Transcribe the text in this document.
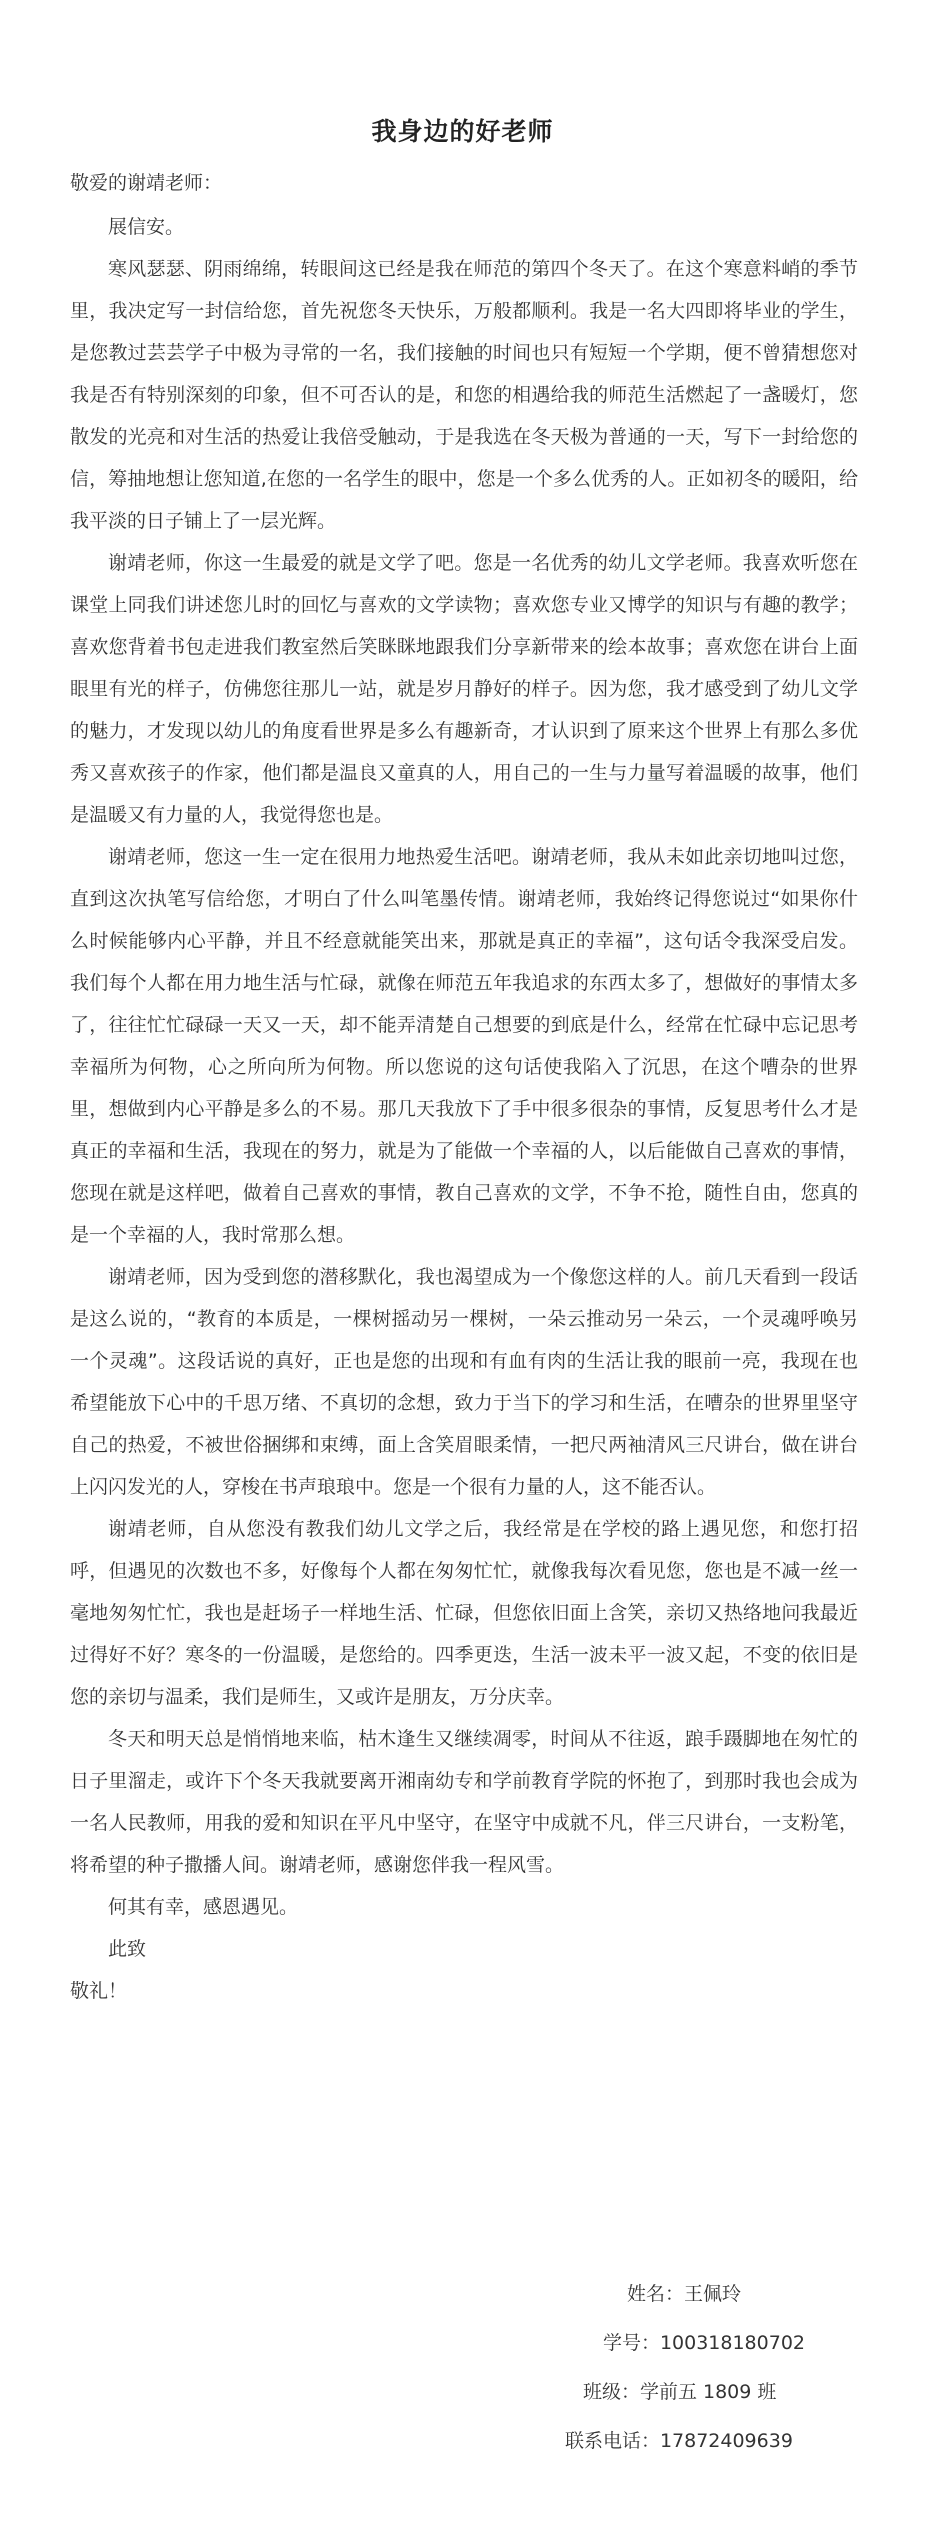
我身边的好老师
敬爱的谢靖老师：

展信安。

寒风瑟瑟、阴雨绵绵，转眼间这已经是我在师范的第四个冬天了。在这个寒意料峭的季节里，我决定写一封信给您，首先祝您冬天快乐，万般都顺利。我是一名大四即将毕业的学生，是您教过芸芸学子中极为寻常的一名，我们接触的时间也只有短短一个学期，便不曾猜想您对我是否有特别深刻的印象，但不可否认的是，和您的相遇给我的师范生活燃起了一盏暖灯，您散发的光亮和对生活的热爱让我倍受触动，于是我选在冬天极为普通的一天，写下一封给您的信，筹抽地想让您知道,在您的一名学生的眼中，您是一个多么优秀的人。正如初冬的暖阳，给我平淡的日子铺上了一层光辉。

谢靖老师，你这一生最爱的就是文学了吧。您是一名优秀的幼儿文学老师。我喜欢听您在课堂上同我们讲述您儿时的回忆与喜欢的文学读物；喜欢您专业又博学的知识与有趣的教学；喜欢您背着书包走进我们教室然后笑眯眯地跟我们分享新带来的绘本故事；喜欢您在讲台上面眼里有光的样子，仿佛您往那儿一站，就是岁月静好的样子。因为您，我才感受到了幼儿文学的魅力，才发现以幼儿的角度看世界是多么有趣新奇，才认识到了原来这个世界上有那么多优秀又喜欢孩子的作家，他们都是温良又童真的人，用自己的一生与力量写着温暖的故事，他们是温暖又有力量的人，我觉得您也是。

谢靖老师，您这一生一定在很用力地热爱生活吧。谢靖老师，我从未如此亲切地叫过您，直到这次执笔写信给您，才明白了什么叫笔墨传情。谢靖老师，我始终记得您说过“如果你什么时候能够内心平静，并且不经意就能笑出来，那就是真正的幸福”，这句话令我深受启发。我们每个人都在用力地生活与忙碌，就像在师范五年我追求的东西太多了，想做好的事情太多了，往往忙忙碌碌一天又一天，却不能弄清楚自己想要的到底是什么，经常在忙碌中忘记思考幸福所为何物，心之所向所为何物。所以您说的这句话使我陷入了沉思，在这个嘈杂的世界里，想做到内心平静是多么的不易。那几天我放下了手中很多很杂的事情，反复思考什么才是真正的幸福和生活，我现在的努力，就是为了能做一个幸福的人，以后能做自己喜欢的事情，您现在就是这样吧，做着自己喜欢的事情，教自己喜欢的文学，不争不抢，随性自由，您真的是一个幸福的人，我时常那么想。

谢靖老师，因为受到您的潜移默化，我也渴望成为一个像您这样的人。前几天看到一段话是这么说的，“教育的本质是，一棵树摇动另一棵树，一朵云推动另一朵云，一个灵魂呼唤另一个灵魂”。这段话说的真好，正也是您的出现和有血有肉的生活让我的眼前一亮，我现在也希望能放下心中的千思万绪、不真切的念想，致力于当下的学习和生活，在嘈杂的世界里坚守自己的热爱，不被世俗捆绑和束缚，面上含笑眉眼柔情，一把尺两袖清风三尺讲台，做在讲台上闪闪发光的人，穿梭在书声琅琅中。您是一个很有力量的人，这不能否认。

谢靖老师，自从您没有教我们幼儿文学之后，我经常是在学校的路上遇见您，和您打招呼，但遇见的次数也不多，好像每个人都在匆匆忙忙，就像我每次看见您，您也是不减一丝一毫地匆匆忙忙，我也是赶场子一样地生活、忙碌，但您依旧面上含笑，亲切又热络地问我最近过得好不好？寒冬的一份温暖，是您给的。四季更迭，生活一波未平一波又起，不变的依旧是您的亲切与温柔，我们是师生，又或许是朋友，万分庆幸。

冬天和明天总是悄悄地来临，枯木逢生又继续凋零，时间从不往返，踉手蹑脚地在匆忙的日子里溜走，或许下个冬天我就要离开湘南幼专和学前教育学院的怀抱了，到那时我也会成为一名人民教师，用我的爱和知识在平凡中坚守，在坚守中成就不凡，伴三尺讲台，一支粉笔，将希望的种子撒播人间。谢靖老师，感谢您伴我一程风雪。

何其有幸，感恩遇见。

此致

敬礼！

姓名：王佩玲
学号：100318180702
班级：学前五 1809 班
联系电话：17872409639
